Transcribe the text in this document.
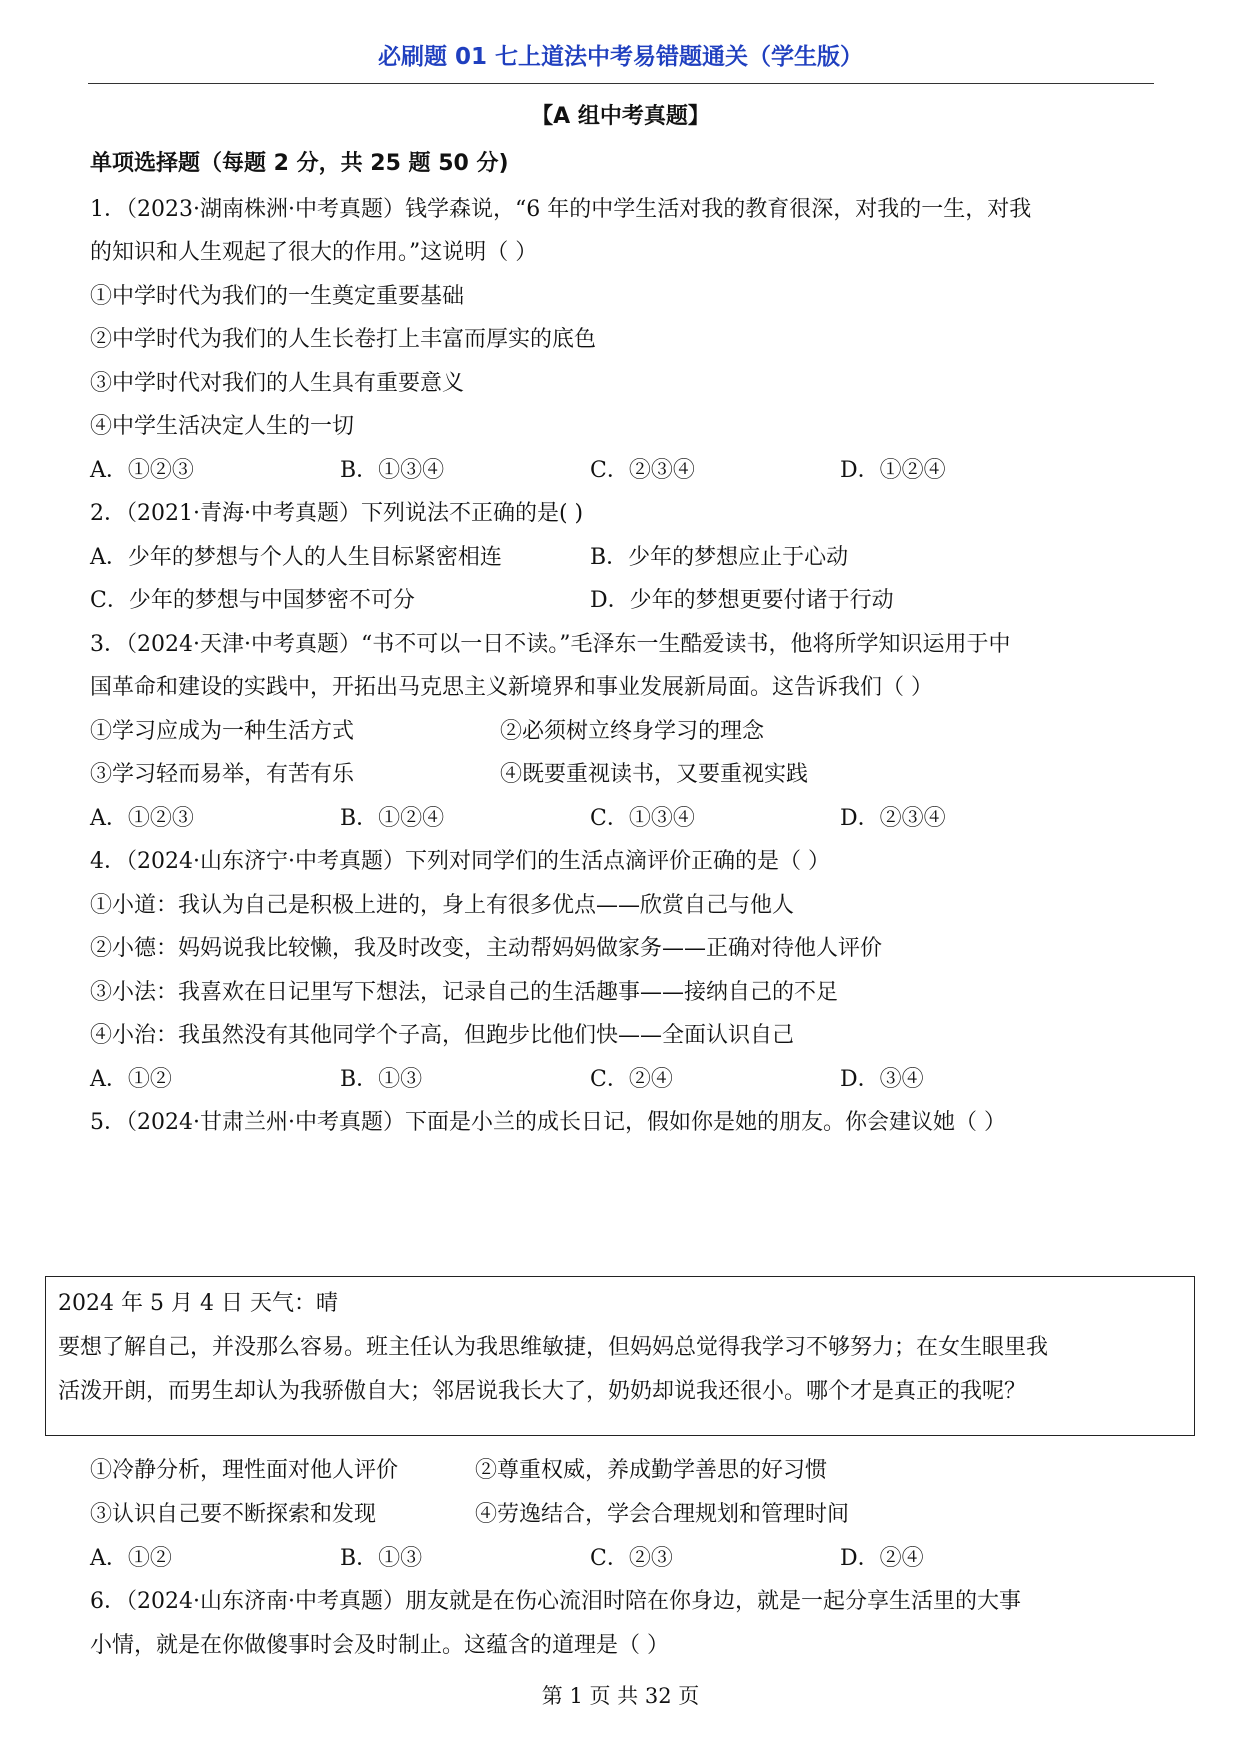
必刷题 01 七上道法中考易错题通关（学生版）
【A 组中考真题】
单项选择题（每题 2 分，共 25 题 50 分)
1．（2023·湖南株洲·中考真题）钱学森说，“6 年的中学生活对我的教育很深，对我的一生，对我
的知识和人生观起了很大的作用。”这说明（ ）
①中学时代为我们的一生奠定重要基础
②中学时代为我们的人生长卷打上丰富而厚实的底色
③中学时代对我们的人生具有重要意义
④中学生活决定人生的一切
A．①②③	B．①③④	C．②③④	D．①②④
2．（2021·青海·中考真题）下列说法不正确的是( )
A．少年的梦想与个人的人生目标紧密相连	B．少年的梦想应止于心动
C．少年的梦想与中国梦密不可分	D．少年的梦想更要付诸于行动
3．（2024·天津·中考真题）“书不可以一日不读。”毛泽东一生酷爱读书，他将所学知识运用于中
国革命和建设的实践中，开拓出马克思主义新境界和事业发展新局面。这告诉我们（ ）
①学习应成为一种生活方式	②必须树立终身学习的理念
③学习轻而易举，有苦有乐	④既要重视读书，又要重视实践
A．①②③	B．①②④	C．①③④	D．②③④
4．（2024·山东济宁·中考真题）下列对同学们的生活点滴评价正确的是（ ）
①小道：我认为自己是积极上进的，身上有很多优点——欣赏自己与他人
②小德：妈妈说我比较懒，我及时改变，主动帮妈妈做家务——正确对待他人评价
③小法：我喜欢在日记里写下想法，记录自己的生活趣事——接纳自己的不足
④小治：我虽然没有其他同学个子高，但跑步比他们快——全面认识自己
A．①②	B．①③	C．②④	D．③④
5．（2024·甘肃兰州·中考真题）下面是小兰的成长日记，假如你是她的朋友。你会建议她（ ）
2024 年 5 月 4 日 天气：晴
要想了解自己，并没那么容易。班主任认为我思维敏捷，但妈妈总觉得我学习不够努力；在女生眼里我
活泼开朗，而男生却认为我骄傲自大；邻居说我长大了，奶奶却说我还很小。哪个才是真正的我呢？
①冷静分析，理性面对他人评价	②尊重权威，养成勤学善思的好习惯
③认识自己要不断探索和发现	④劳逸结合，学会合理规划和管理时间
A．①②	B．①③	C．②③	D．②④
6．（2024·山东济南·中考真题）朋友就是在伤心流泪时陪在你身边，就是一起分享生活里的大事
小情，就是在你做傻事时会及时制止。这蕴含的道理是（ ）
第 1 页 共 32 页
